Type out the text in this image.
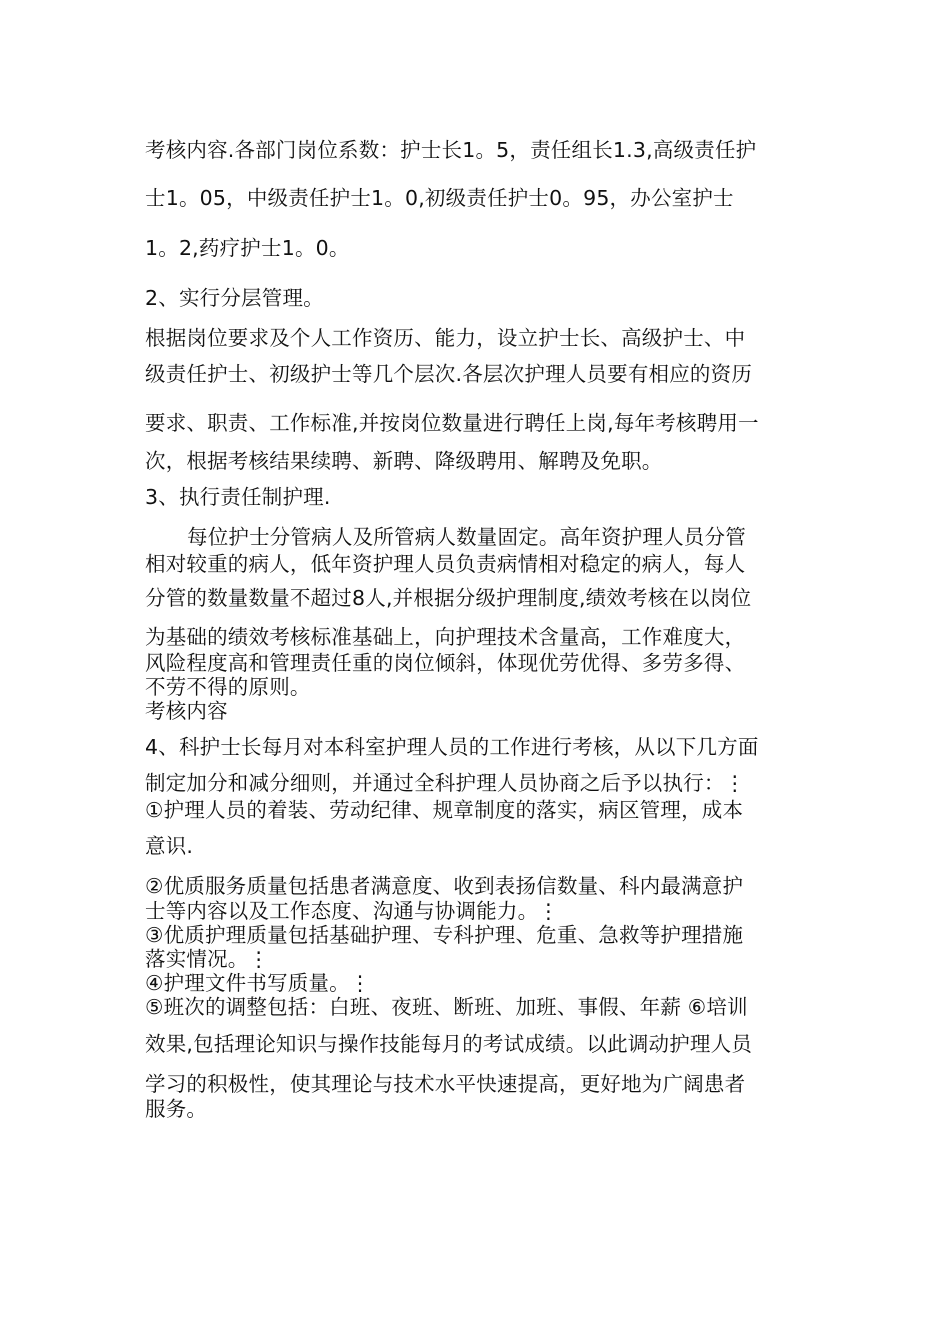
考核内容.各部门岗位系数：护士长1。5，责任组长1.3,高级责任护
士1。05，中级责任护士1。0,初级责任护士0。95，办公室护士
1。2,药疗护士1。0。
2、实行分层管理。
根据岗位要求及个人工作资历、能力，设立护士长、高级护士、中
级责任护士、初级护士等几个层次.各层次护理人员要有相应的资历
要求、职责、工作标准,并按岗位数量进行聘任上岗,每年考核聘用一
次，根据考核结果续聘、新聘、降级聘用、解聘及免职。
3、执行责任制护理.
每位护士分管病人及所管病人数量固定。高年资护理人员分管
相对较重的病人，低年资护理人员负责病情相对稳定的病人，每人
分管的数量数量不超过8人,并根据分级护理制度,绩效考核在以岗位
为基础的绩效考核标准基础上，向护理技术含量高，工作难度大，
风险程度高和管理责任重的岗位倾斜，体现优劳优得、多劳多得、
不劳不得的原则。
考核内容
4、科护士长每月对本科室护理人员的工作进行考核，从以下几方面
制定加分和减分细则，并通过全科护理人员协商之后予以执行：⋮
①护理人员的着装、劳动纪律、规章制度的落实，病区管理，成本
意识.
②优质服务质量包括患者满意度、收到表扬信数量、科内最满意护
士等内容以及工作态度、沟通与协调能力。⋮
③优质护理质量包括基础护理、专科护理、危重、急救等护理措施
落实情况。⋮
④护理文件书写质量。⋮
⑤班次的调整包括：白班、夜班、断班、加班、事假、年薪 ⑥培训
效果,包括理论知识与操作技能每月的考试成绩。以此调动护理人员
学习的积极性，使其理论与技术水平快速提高，更好地为广阔患者
服务。
